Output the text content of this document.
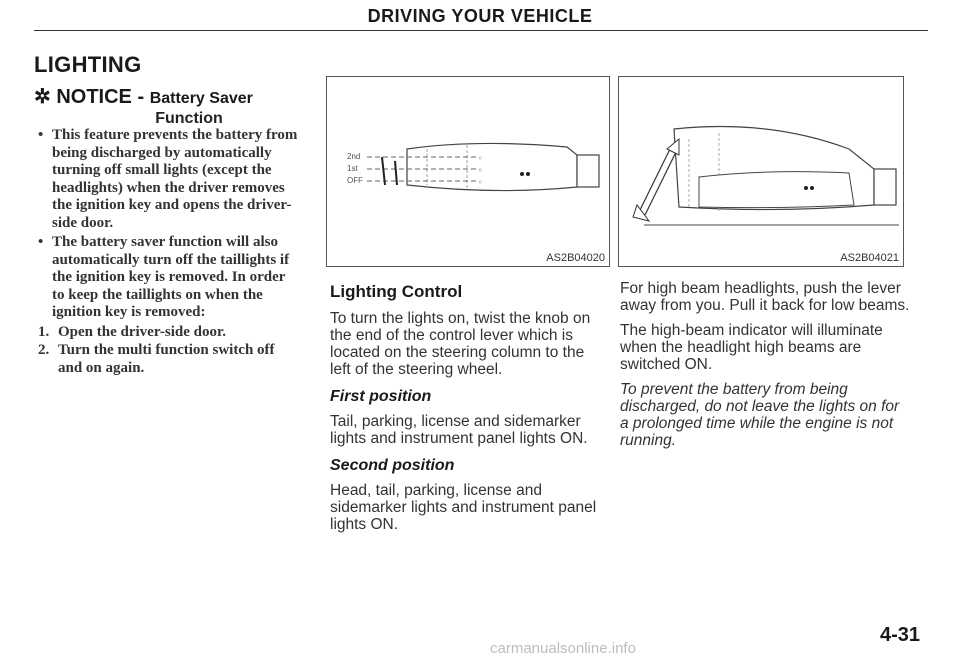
DRIVING YOUR VEHICLE
LIGHTING
✲ NOTICE - Battery Saver
Function
• This feature prevents the battery from being discharged by automatically turning off small lights (except the headlights) when the driver removes the ignition key and opens the driver-side door.
• The battery saver function will also automatically turn off the taillights if the ignition key is removed. In order to keep the taillights on when the ignition key is removed:
1. Open the driver-side door.
2. Turn the multi function switch off and on again.
ᵒ
ᵒ
ᵒ
2nd
1st
OFF
AS2B04020	AS2B04021
Lighting Control

To turn the lights on, twist the knob on the end of the control lever which is located on the steering column to the left of the steering wheel.

First position

Tail, parking, license and sidemarker lights and instrument panel lights ON.

Second position

Head, tail, parking, license and sidemarker lights and instrument panel lights ON.

For high beam headlights, push the lever away from you. Pull it back for low beams.

The high-beam indicator will illuminate when the headlight high beams are switched ON.

To prevent the battery from being discharged, do not leave the lights on for a prolonged time while the engine is not running.

4-31
carmanualsonline.info
